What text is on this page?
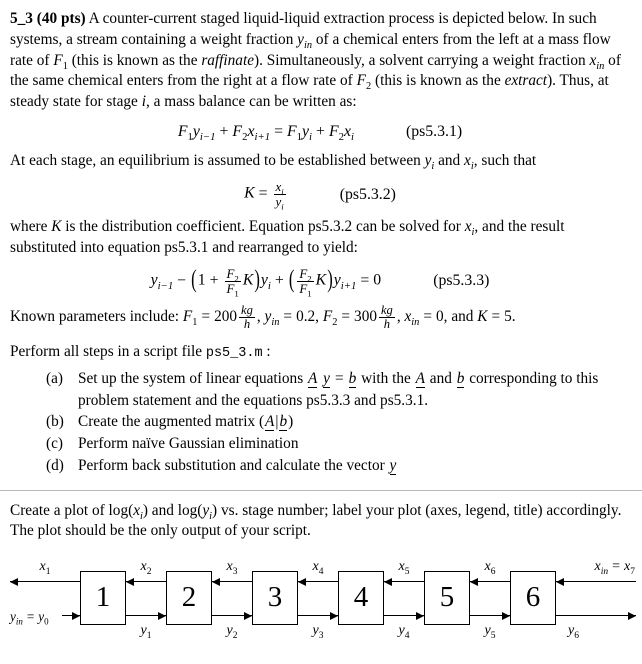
5_3 (40 pts) A counter-current staged liquid-liquid extraction process is depicted below. In such systems, a stream containing a weight fraction $y_{in}$ of a chemical enters from the left at a mass flow rate of $F_1$ (this is known as the raffinate). Simultaneously, a solvent carrying a weight fraction $x_{in}$ of the same chemical enters from the right at a flow rate of $F_2$ (this is known as the extract). Thus, at steady state for stage i, a mass balance can be written as:

$F_1y_{i-1} + F_2x_{i+1} = F_1y_i + F_2x_i$	(ps5.3.1)

At each stage, an equilibrium is assumed to be established between $y_i$ and $x_i$, such that

$K = \frac{x_i}{y_i}$	(ps5.3.2)

where K is the distribution coefficient. Equation ps5.3.2 can be solved for $x_i$, and the result substituted into equation ps5.3.1 and rearranged to yield:

$y_{i-1} - (1 + \frac{F_2}{F_1} K)y_i$ + ( $\frac{F_2}{F_1} K)y_{i+1} = 0$	(ps5.3.3)

Known parameters include: $F_1 = 200 \frac{kg}{h}$ , $y_{in} = 0.2$, $F_2 = 300 \frac{kg}{h}$ , $x_{in} = 0$, and K = 5.

Perform all steps in a script file ps5_3.m :

(a) Set up the system of linear equations A y = b with the A and b corresponding to this problem statement and the equations ps5.3.3 and ps5.3.1.
(b) Create the augmented matrix (A|b)
(c) Perform naïve Gaussian elimination
(d) Perform back substitution and calculate the vector y

Create a plot of $\log(x_i)$ and $\log(y_i)$ vs. stage number; label your plot (axes, legend, title) accordingly. The plot should be the only output of your script.

$x_1$
$y_{in} = y_0$
1
$x_2$
$y_1$
2
$x_3$
$y_2$
3
$x_4$
$y_3$
4
$x_5$
$y_4$
5
$x_6$
$y_5$
6
$x_{in} = x_7$
$y_6$
